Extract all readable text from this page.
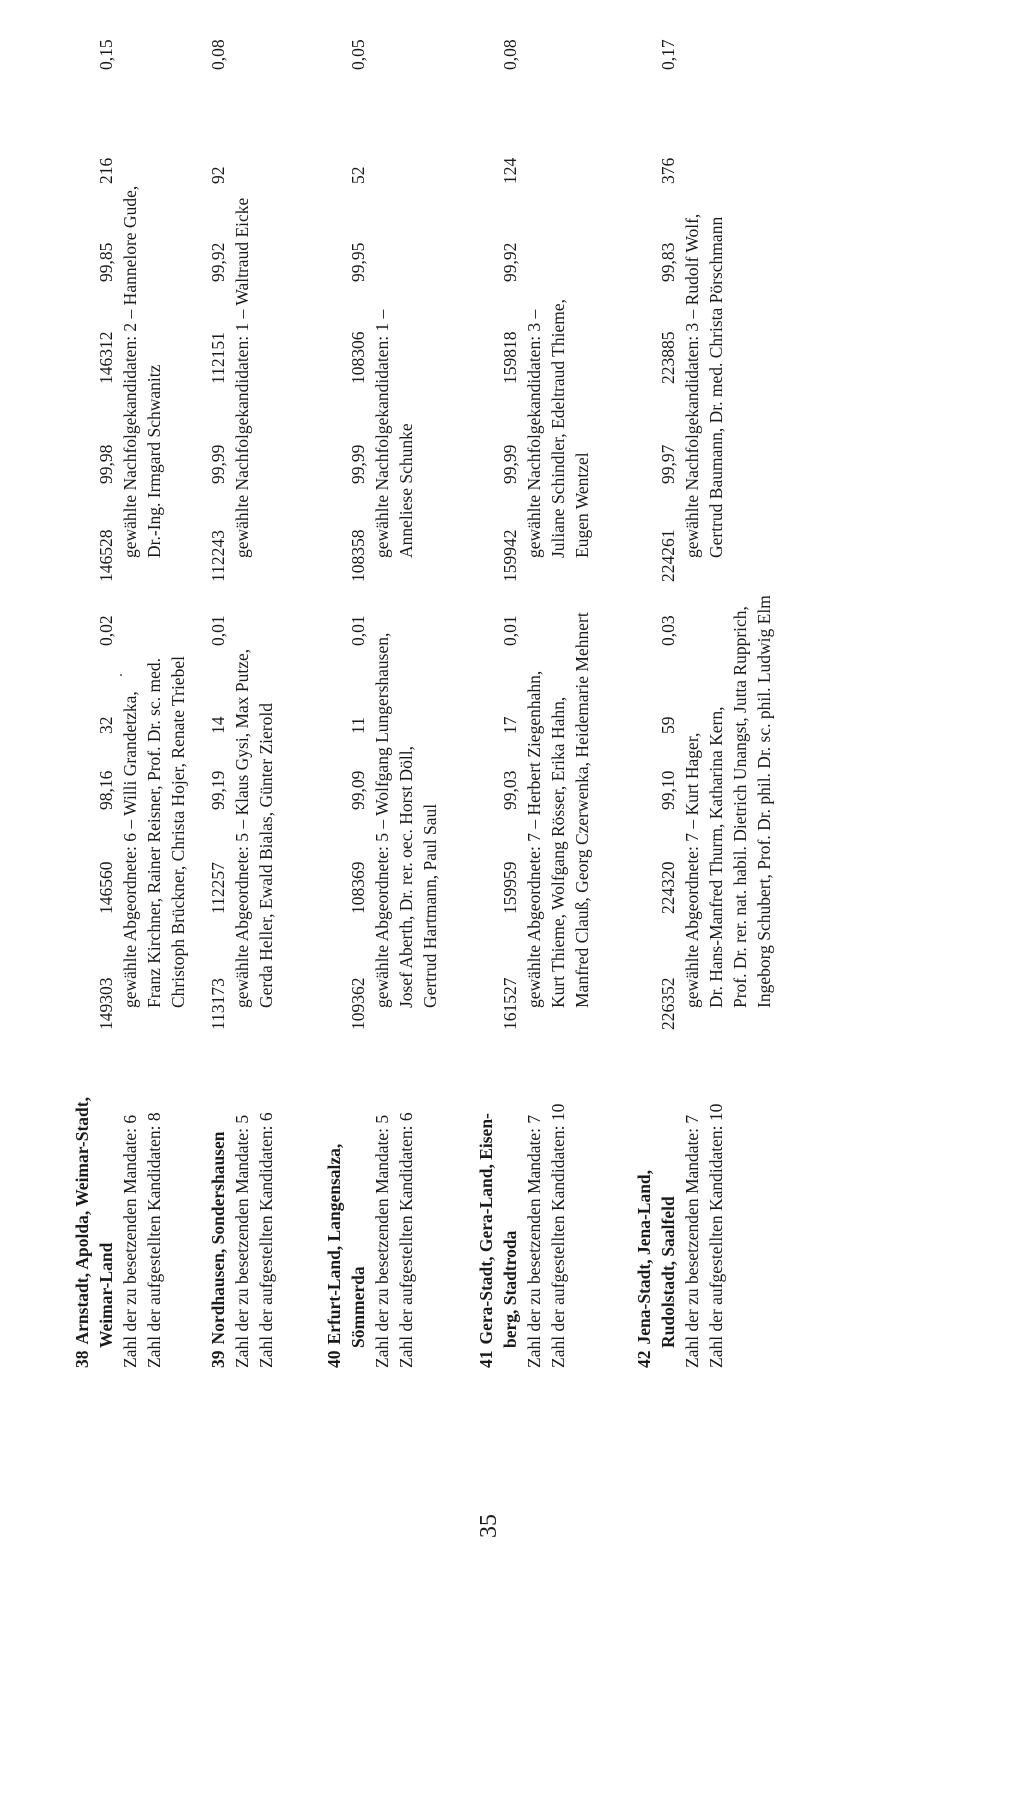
35
38Arnstadt, Apolda, Weimar-Stadt, Weimar-Land Zahl der zu besetzenden Mandate: 6 Zahl der aufgestellten Kandidaten: 8
149303
146560
98,16
32
0,02
146528
99,98
146312
99,85
216
0,15
gewählte Abgeordnete: 6 – Willi Grandetzka, Franz Kirchner, Rainer Reisner, Prof. Dr. sc. med. Christoph Brückner, Christa Hojer, Renate Triebel
gewählte Nachfolgekandidaten: 2 – Hannelore Gude, Dr.-Ing. Irmgard Schwanitz
39Nordhausen, Sondershausen Zahl der zu besetzenden Mandate: 5 Zahl der aufgestellten Kandidaten: 6
113173
112257
99,19
14
0,01
112243
99,99
112151
99,92
92
0,08
gewählte Abgeordnete: 5 – Klaus Gysi, Max Putze, Gerda Heller, Ewald Bialas, Günter Zierold
gewählte Nachfolgekandidaten: 1 – Waltraud Eicke
40Erfurt-Land, Langensalza, Sömmerda Zahl der zu besetzenden Mandate: 5 Zahl der aufgestellten Kandidaten: 6
109362
108369
99,09
11
0,01
108358
99,99
108306
99,95
52
0,05
gewählte Abgeordnete: 5 – Wolfgang Lungershausen, Josef Aberth, Dr. rer. oec. Horst Döll, Gertrud Hartmann, Paul Saul
gewählte Nachfolgekandidaten: 1 – Anneliese Schunke
41Gera-Stadt, Gera-Land, Eisen- berg, Stadtroda Zahl der zu besetzenden Mandate: 7 Zahl der aufgestellten Kandidaten: 10
161527
159959
99,03
17
0,01
159942
99,99
159818
99,92
124
0,08
gewählte Abgeordnete: 7 – Herbert Ziegenhahn, Kurt Thieme, Wolfgang Rösser, Erika Hahn, Manfred Clauß, Georg Czerwenka, Heidemarie Mehnert
gewählte Nachfolgekandidaten: 3 – Juliane Schindler, Edeltraud Thieme, Eugen Wentzel
42Jena-Stadt, Jena-Land, Rudolstadt, Saalfeld Zahl der zu besetzenden Mandate: 7 Zahl der aufgestellten Kandidaten: 10
226352
224320
99,10
59
0,03
224261
99,97
223885
99,83
376
0,17
gewählte Abgeordnete: 7 – Kurt Hager, Dr. Hans-Manfred Thurm, Katharina Kern, Prof. Dr. rer. nat. habil. Dietrich Unangst, Jutta Rupprich, Ingeborg Schubert, Prof. Dr. phil. Dr. sc. phil. Ludwig Elm
gewählte Nachfolgekandidaten: 3 – Rudolf Wolf, Gertrud Baumann, Dr. med. Christa Pörschmann
